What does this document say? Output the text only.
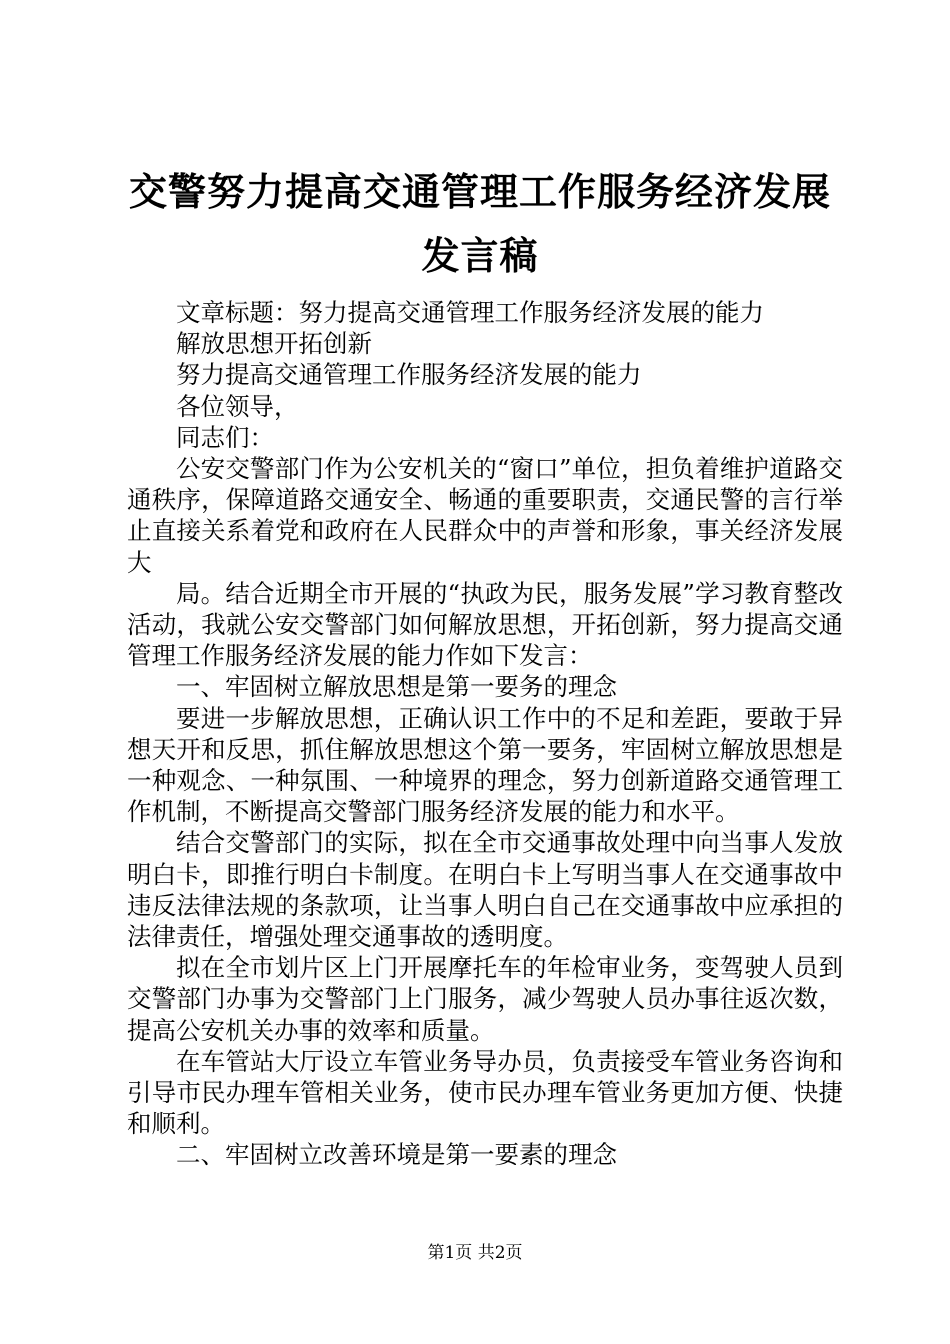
交警努力提高交通管理工作服务经济发展发言稿

文章标题：努力提高交通管理工作服务经济发展的能力

解放思想开拓创新

努力提高交通管理工作服务经济发展的能力

各位领导，

同志们：

公安交警部门作为公安机关的“窗口”单位，担负着维护道路交通秩序，保障道路交通安全、畅通的重要职责，交通民警的言行举止直接关系着党和政府在人民群众中的声誉和形象，事关经济发展大

局。结合近期全市开展的“执政为民，服务发展”学习教育整改活动，我就公安交警部门如何解放思想，开拓创新，努力提高交通管理工作服务经济发展的能力作如下发言：

一、牢固树立解放思想是第一要务的理念

要进一步解放思想，正确认识工作中的不足和差距，要敢于异想天开和反思，抓住解放思想这个第一要务，牢固树立解放思想是一种观念、一种氛围、一种境界的理念，努力创新道路交通管理工作机制，不断提高交警部门服务经济发展的能力和水平。

结合交警部门的实际，拟在全市交通事故处理中向当事人发放明白卡，即推行明白卡制度。在明白卡上写明当事人在交通事故中违反法律法规的条款项，让当事人明白自己在交通事故中应承担的法律责任，增强处理交通事故的透明度。

拟在全市划片区上门开展摩托车的年检审业务，变驾驶人员到交警部门办事为交警部门上门服务，减少驾驶人员办事往返次数，提高公安机关办事的效率和质量。

在车管站大厅设立车管业务导办员，负责接受车管业务咨询和引导市民办理车管相关业务，使市民办理车管业务更加方便、快捷和顺利。

二、牢固树立改善环境是第一要素的理念

第1页 共2页
